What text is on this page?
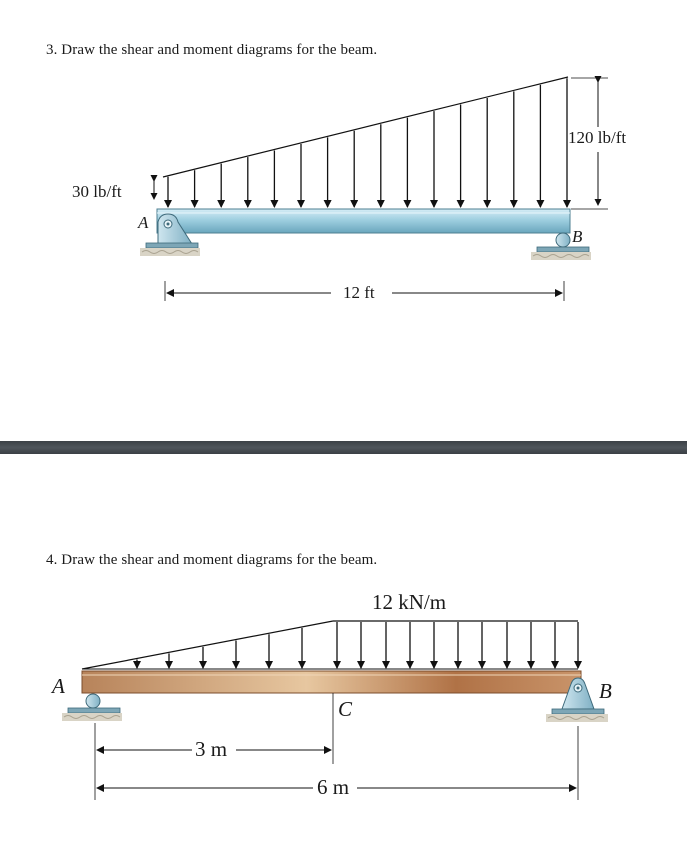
3. Draw the shear and moment diagrams for the beam.
30 lb/ft
120 lb/ft
A
B
12 ft
4. Draw the shear and moment diagrams for the beam.
12 kN/m
A	B
C
3 m
6 m
